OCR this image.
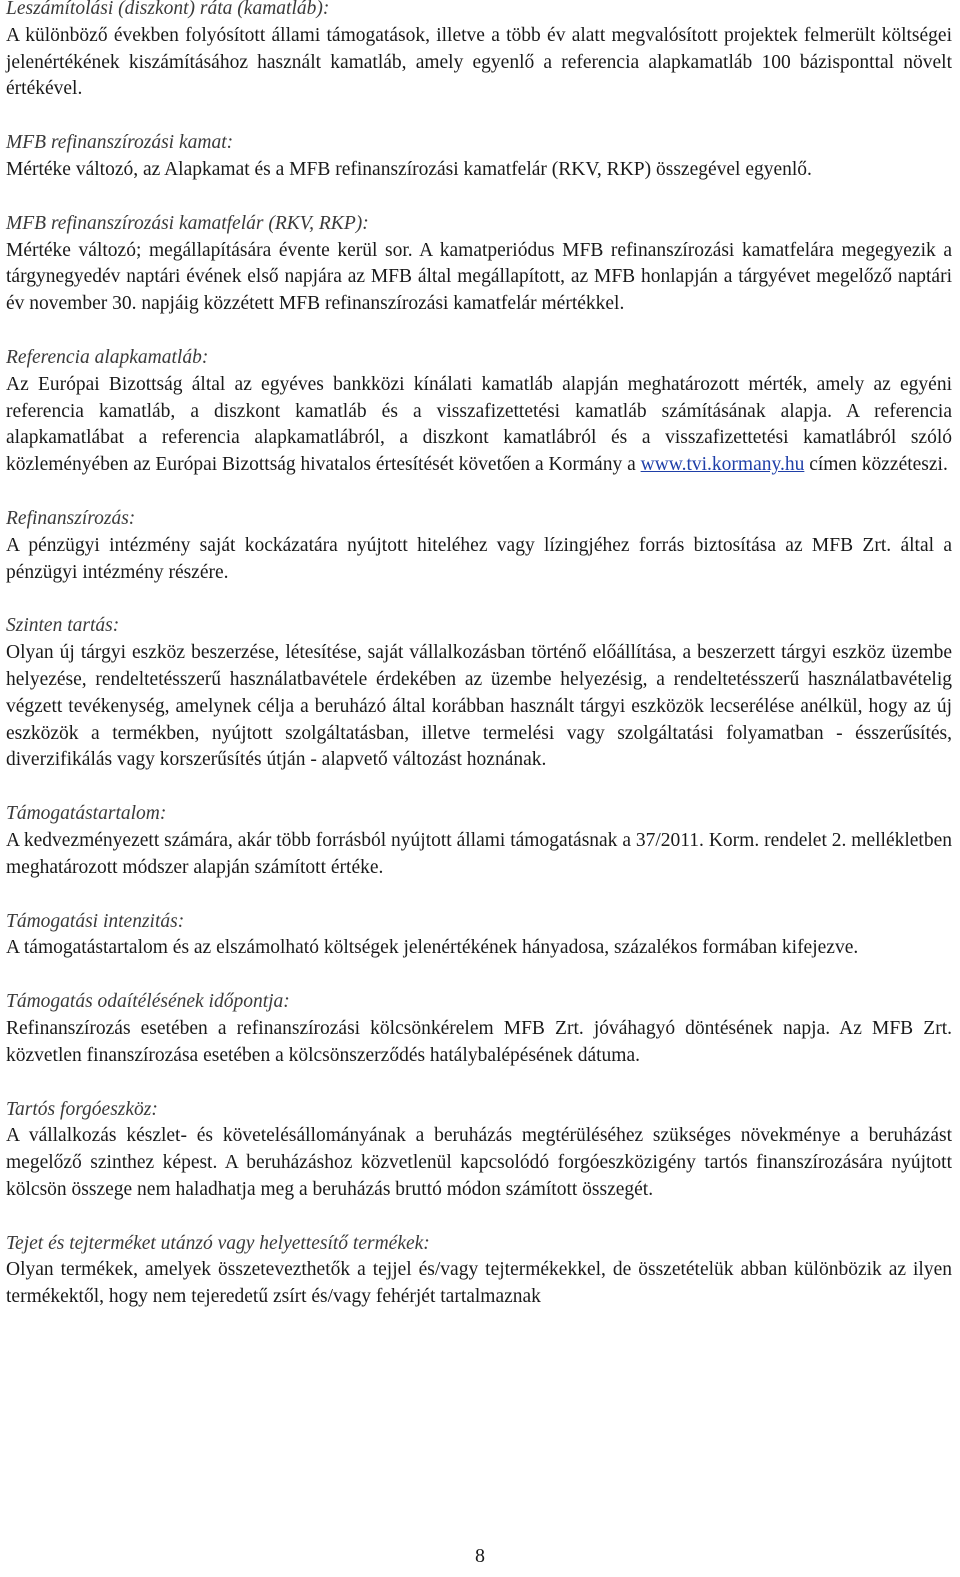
Leszámítolási (diszkont) ráta (kamatláb):
A különböző években folyósított állami támogatások, illetve a több év alatt megvalósított projektek felmerült költségei jelenértékének kiszámításához használt kamatláb, amely egyenlő a referencia alapkamatláb 100 bázisponttal növelt értékével.
MFB refinanszírozási kamat:
Mértéke változó, az Alapkamat és a MFB refinanszírozási kamatfelár (RKV, RKP) összegével egyenlő.
MFB refinanszírozási kamatfelár (RKV, RKP):
Mértéke változó; megállapítására évente kerül sor. A kamatperiódus MFB refinanszírozási kamatfelára megegyezik a tárgynegyedév naptári évének első napjára az MFB által megállapított, az MFB honlapján a tárgyévet megelőző naptári év november 30. napjáig közzétett MFB refinanszírozási kamatfelár mértékkel.
Referencia alapkamatláb:
Az Európai Bizottság által az egyéves bankközi kínálati kamatláb alapján meghatározott mérték, amely az egyéni referencia kamatláb, a diszkont kamatláb és a visszafizettetési kamatláb számításának alapja. A referencia alapkamatlábat a referencia alapkamatlábról, a diszkont kamatlábról és a visszafizettetési kamatlábról szóló közleményében az Európai Bizottság hivatalos értesítését követően a Kormány a www.tvi.kormany.hu címen közzéteszi.
Refinanszírozás:
A pénzügyi intézmény saját kockázatára nyújtott hiteléhez vagy lízingjéhez forrás biztosítása az MFB Zrt. által a pénzügyi intézmény részére.
Szinten tartás:
Olyan új tárgyi eszköz beszerzése, létesítése, saját vállalkozásban történő előállítása, a beszerzett tárgyi eszköz üzembe helyezése, rendeltetésszerű használatbavétele érdekében az üzembe helyezésig, a rendeltetésszerű használatbavételig végzett tevékenység, amelynek célja a beruházó által korábban használt tárgyi eszközök lecserélése anélkül, hogy az új eszközök a termékben, nyújtott szolgáltatásban, illetve termelési vagy szolgáltatási folyamatban - ésszerűsítés, diverzifikálás vagy korszerűsítés útján - alapvető változást hoznának.
Támogatástartalom:
A kedvezményezett számára, akár több forrásból nyújtott állami támogatásnak a 37/2011. Korm. rendelet 2. mellékletben meghatározott módszer alapján számított értéke.
Támogatási intenzitás:
A támogatástartalom és az elszámolható költségek jelenértékének hányadosa, százalékos formában kifejezve.
Támogatás odaítélésének időpontja:
Refinanszírozás esetében a refinanszírozási kölcsönkérelem MFB Zrt. jóváhagyó döntésének napja. Az MFB Zrt. közvetlen finanszírozása esetében a kölcsönszerződés hatálybalépésének dátuma.
Tartós forgóeszköz:
A vállalkozás készlet- és követelésállományának a beruházás megtérüléséhez szükséges növekménye a beruházást megelőző szinthez képest. A beruházáshoz közvetlenül kapcsolódó forgóeszközigény tartós finanszírozására nyújtott kölcsön összege nem haladhatja meg a beruházás bruttó módon számított összegét.
Tejet és tejterméket utánzó vagy helyettesítő termékek:
Olyan termékek, amelyek összetevezthetők a tejjel és/vagy tejtermékekkel, de összetételük abban különbözik az ilyen termékektől, hogy nem tejeredetű zsírt és/vagy fehérjét tartalmaznak
8
